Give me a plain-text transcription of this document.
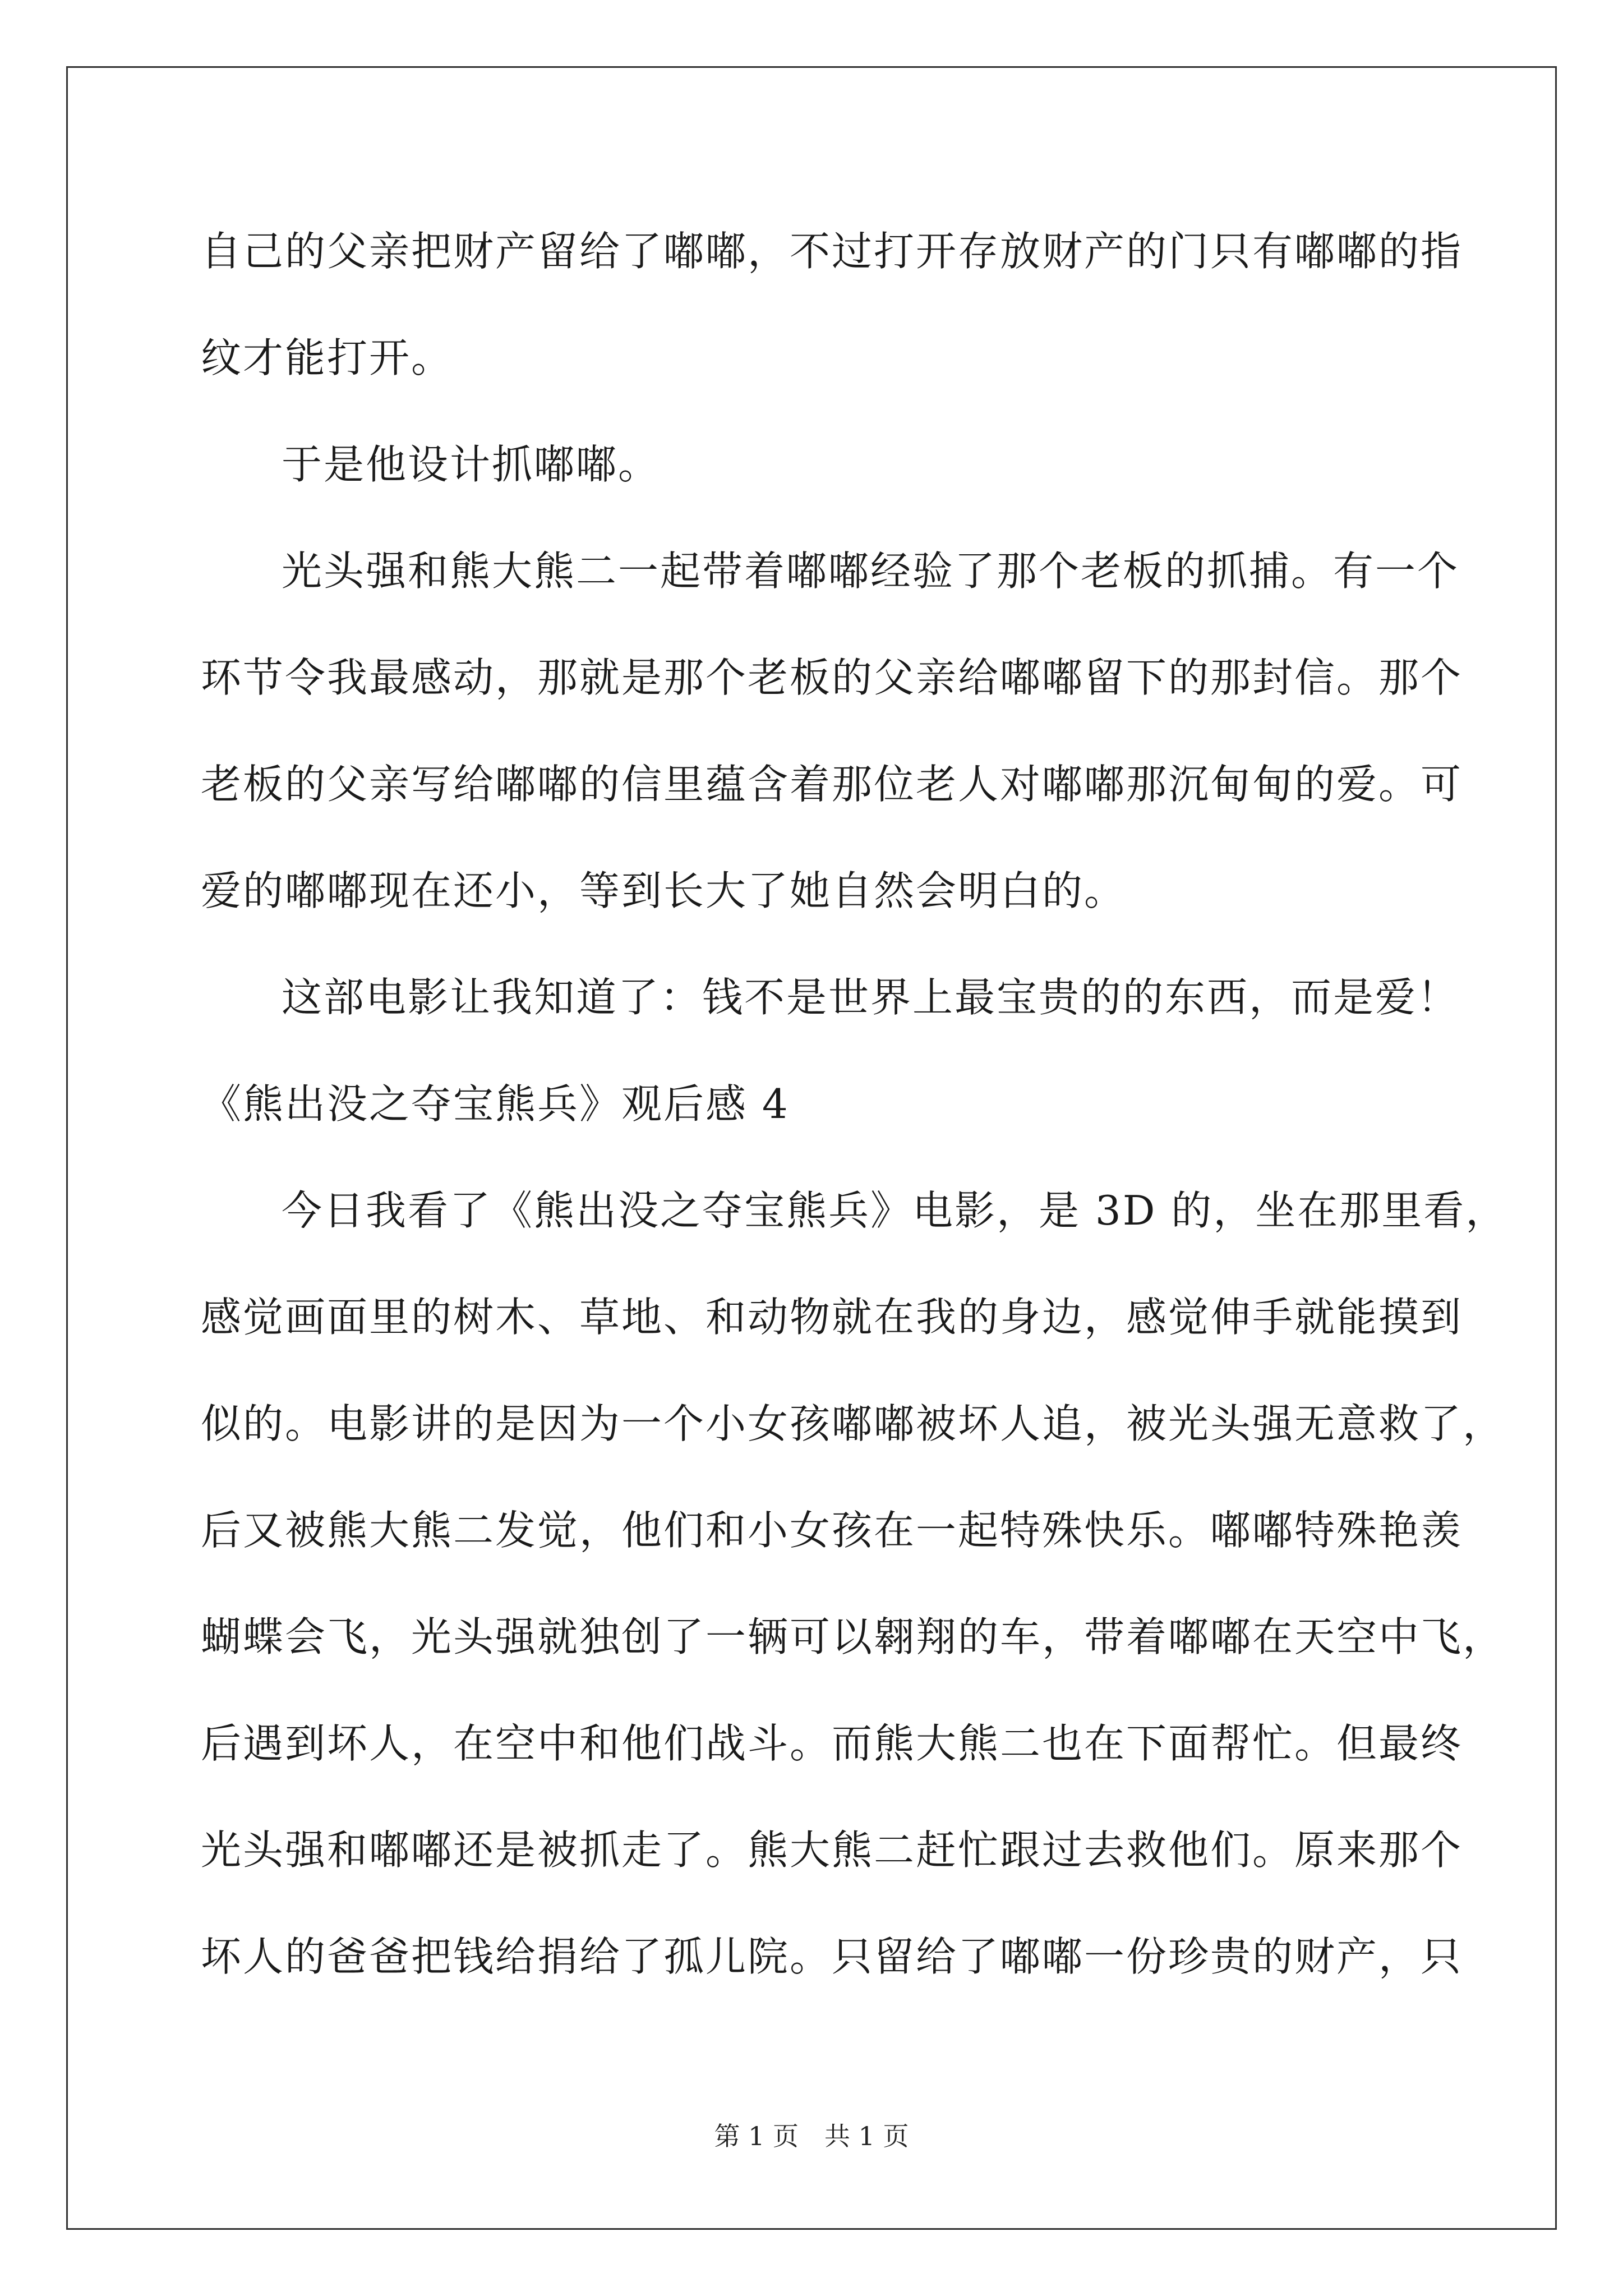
自己的父亲把财产留给了嘟嘟，不过打开存放财产的门只有嘟嘟的指
纹才能打开。
于是他设计抓嘟嘟。
光头强和熊大熊二一起带着嘟嘟经验了那个老板的抓捕。有一个
环节令我最感动，那就是那个老板的父亲给嘟嘟留下的那封信。那个
老板的父亲写给嘟嘟的信里蕴含着那位老人对嘟嘟那沉甸甸的爱。可
爱的嘟嘟现在还小，等到长大了她自然会明白的。
这部电影让我知道了：钱不是世界上最宝贵的的东西，而是爱！
《熊出没之夺宝熊兵》观后感 4
今日我看了《熊出没之夺宝熊兵》电影，是 3D 的，坐在那里看，
感觉画面里的树木、草地、和动物就在我的身边，感觉伸手就能摸到
似的。电影讲的是因为一个小女孩嘟嘟被坏人追，被光头强无意救了，
后又被熊大熊二发觉，他们和小女孩在一起特殊快乐。嘟嘟特殊艳羡
蝴蝶会飞，光头强就独创了一辆可以翱翔的车，带着嘟嘟在天空中飞，
后遇到坏人，在空中和他们战斗。而熊大熊二也在下面帮忙。但最终
光头强和嘟嘟还是被抓走了。熊大熊二赶忙跟过去救他们。原来那个
坏人的爸爸把钱给捐给了孤儿院。只留给了嘟嘟一份珍贵的财产，只
第 1 页　共 1 页
